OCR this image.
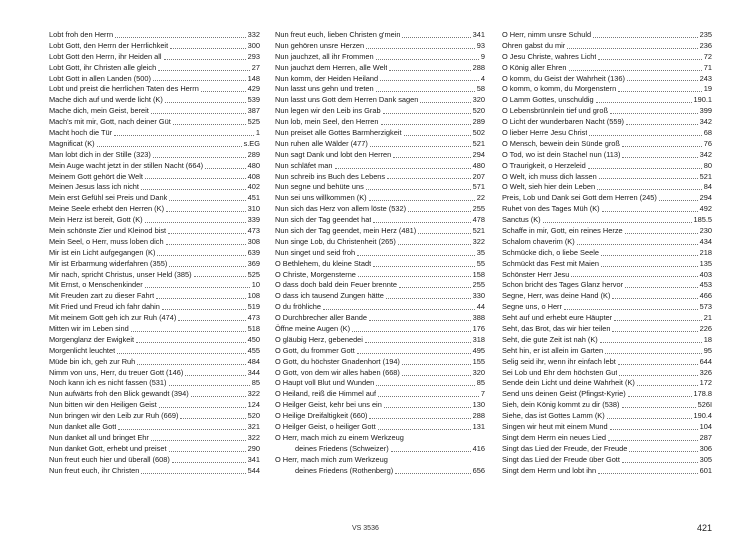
Lobt froh den Herrn	332
Lobt Gott, den Herrn der Herrlichkeit	300
Lobt Gott den Herrn, ihr Heiden all	293
Lobt Gott, ihr Christen alle gleich	27
Lobt Gott in allen Landen (500)	148
Lobt und preist die herrlichen Taten des Herrn	429
Mache dich auf und werde licht (K)	539
Mache dich, mein Geist, bereit	387
Mach's mit mir, Gott, nach deiner Güt	525
Macht hoch die Tür	1
Magnificat (K)	s.EG
Man lobt dich in der Stille (323)	289
Mein Auge wacht jetzt in der stillen Nacht (664)	480
Meinem Gott gehört die Welt	408
Meinen Jesus lass ich nicht	402
Mein erst Gefühl sei Preis und Dank	451
Meine Seele erhebt den Herren (K)	310
Mein Herz ist bereit, Gott (K)	339
Mein schönste Zier und Kleinod bist	473
Mein Seel, o Herr, muss loben dich	308
Mir ist ein Licht aufgegangen (K)	639
Mir ist Erbarmung widerfahren (355)	369
Mir nach, spricht Christus, unser Held (385)	525
Mit Ernst, o Menschenkinder	10
Mit Freuden zart zu dieser Fahrt	108
Mit Fried und Freud ich fahr dahin	519
Mit meinem Gott geh ich zur Ruh (474)	473
Mitten wir im Leben sind	518
Morgenglanz der Ewigkeit	450
Morgenlicht leuchtet	455
Müde bin ich, geh zur Ruh	484
Nimm von uns, Herr, du treuer Gott (146)	344
Noch kann ich es nicht fassen (531)	85
Nun aufwärts froh den Blick gewandt (394)	322
Nun bitten wir den Heiligen Geist	124
Nun bringen wir den Leib zur Ruh (669)	520
Nun danket alle Gott	321
Nun danket all und bringet Ehr	322
Nun danket Gott, erhebt und preiset	290
Nun freut euch hier und überall (608)	341
Nun freut euch, ihr Christen	544
Nun freut euch, lieben Christen g'mein	341
Nun gehören unsre Herzen	93
Nun jauchzet, all ihr Frommen	9
Nun jauchzt dem Herren, alle Welt	288
Nun komm, der Heiden Heiland	4
Nun lasst uns gehn und treten	58
Nun lasst uns Gott dem Herren Dank sagen	320
Nun legen wir den Leib ins Grab	520
Nun lob, mein Seel, den Herren	289
Nun preiset alle Gottes Barmherzigkeit	502
Nun ruhen alle Wälder (477)	521
Nun sagt Dank und lobt den Herren	294
Nun schläfet man	480
Nun schreib ins Buch des Lebens	207
Nun segne und behüte uns	571
Nun sei uns willkommen (K)	22
Nun sich das Herz von allem löste (532)	255
Nun sich der Tag geendet hat	478
Nun sich der Tag geendet, mein Herz (481)	521
Nun singe Lob, du Christenheit (265)	322
Nun singet und seid froh	35
O Bethlehem, du kleine Stadt	55
O Christe, Morgensterne	158
O dass doch bald dein Feuer brennte	255
O dass ich tausend Zungen hätte	330
O du fröhliche	44
O Durchbrecher aller Bande	388
Öffne meine Augen (K)	176
O gläubig Herz, gebenedei	318
O Gott, du frommer Gott	495
O Gott, du höchster Gnadenhort (194)	155
O Gott, von dem wir alles haben (668)	320
O Haupt voll Blut und Wunden	85
O Heiland, reiß die Himmel auf	7
O Heilger Geist, kehr bei uns ein	130
O Heilige Dreifaltigkeit (660)	288
O Heilger Geist, o heiliger Gott	131
O Herr, mach mich zu einem Werkzeug
deines Friedens (Schweizer)	416
O Herr, mach mich zum Werkzeug
deines Friedens (Rothenberg)	656
O Herr, nimm unsre Schuld	235
Ohren gabst du mir	236
O Jesu Christe, wahres Licht	72
O König aller Ehren	71
O komm, du Geist der Wahrheit (136)	243
O komm, o komm, du Morgenstern	19
O Lamm Gottes, unschuldig	190.1
O Lebensbrünnlein tief und groß	399
O Licht der wunderbaren Nacht (559)	342
O lieber Herre Jesu Christ	68
O Mensch, bewein dein Sünde groß	76
O Tod, wo ist dein Stachel nun (113)	342
O Traurigkeit, o Herzeleid	80
O Welt, ich muss dich lassen	521
O Welt, sieh hier dein Leben	84
Preis, Lob und Dank sei Gott dem Herren (245)	294
Ruhet von des Tages Müh (K)	492
Sanctus (K)	185.5
Schaffe in mir, Gott, ein reines Herze	230
Schalom chaverim (K)	434
Schmücke dich, o liebe Seele	218
Schmückt das Fest mit Maien	135
Schönster Herr Jesu	403
Schon bricht des Tages Glanz hervor	453
Segne, Herr, was deine Hand (K)	466
Segne uns, o Herr	573
Seht auf und erhebt eure Häupter	21
Seht, das Brot, das wir hier teilen	226
Seht, die gute Zeit ist nah (K)	18
Seht hin, er ist allein im Garten	95
Selig seid ihr, wenn ihr einfach lebt	644
Sei Lob und Ehr dem höchsten Gut	326
Sende dein Licht und deine Wahrheit (K)	172
Send uns deinen Geist (Pfingst-Kyrie)	178.8
Sieh, dein König kommt zu dir (538)	526I
Siehe, das ist Gottes Lamm (K)	190.4
Singen wir heut mit einem Mund	104
Singt dem Herrn ein neues Lied	287
Singt das Lied der Freude, der Freude	306
Singt das Lied der Freude über Gott	305
Singt dem Herrn und lobt ihn	601
VS 3536	421
